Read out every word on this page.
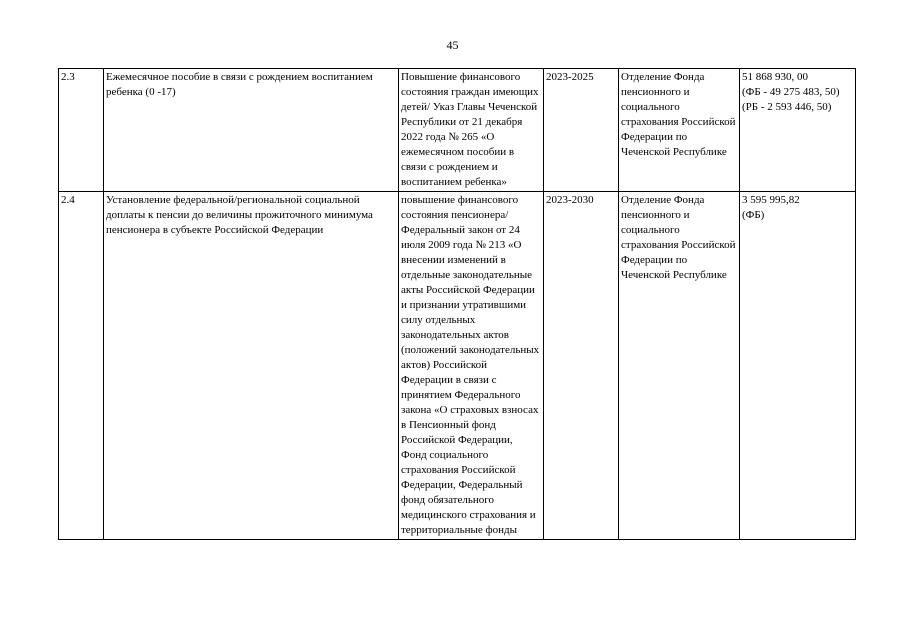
45
2.3	Ежемесячное пособие в связи с рождением воспитанием ребенка (0 -17)	Повышение финансового состояния граждан имеющих детей/ Указ Главы Чеченской Республики от 21 декабря 2022 года № 265 «О ежемесячном пособии в связи с рождением и воспитанием ребенка»	2023-2025	Отделение Фонда пенсионного и социального страхования Российской Федерации по Чеченской Республике	51 868 930, 00
(ФБ - 49 275 483, 50)
(РБ - 2 593 446, 50)

2.4	Установление федеральной/региональной социальной доплаты к пенсии до величины прожиточного минимума пенсионера в субъекте Российской Федерации	повышение финансового состояния пенсионера/ Федеральный закон от 24 июля 2009 года № 213 «О внесении изменений в отдельные законодательные акты Российской Федерации и признании утратившими силу отдельных законодательных актов (положений законодательных актов) Российской Федерации в связи с принятием Федерального закона «О страховых взносах в Пенсионный фонд Российской Федерации, Фонд социального страхования Российской Федерации, Федеральный фонд обязательного медицинского страхования и территориальные фонды	2023-2030	Отделение Фонда пенсионного и социального страхования Российской Федерации по Чеченской Республике	3 595 995,82
(ФБ)
